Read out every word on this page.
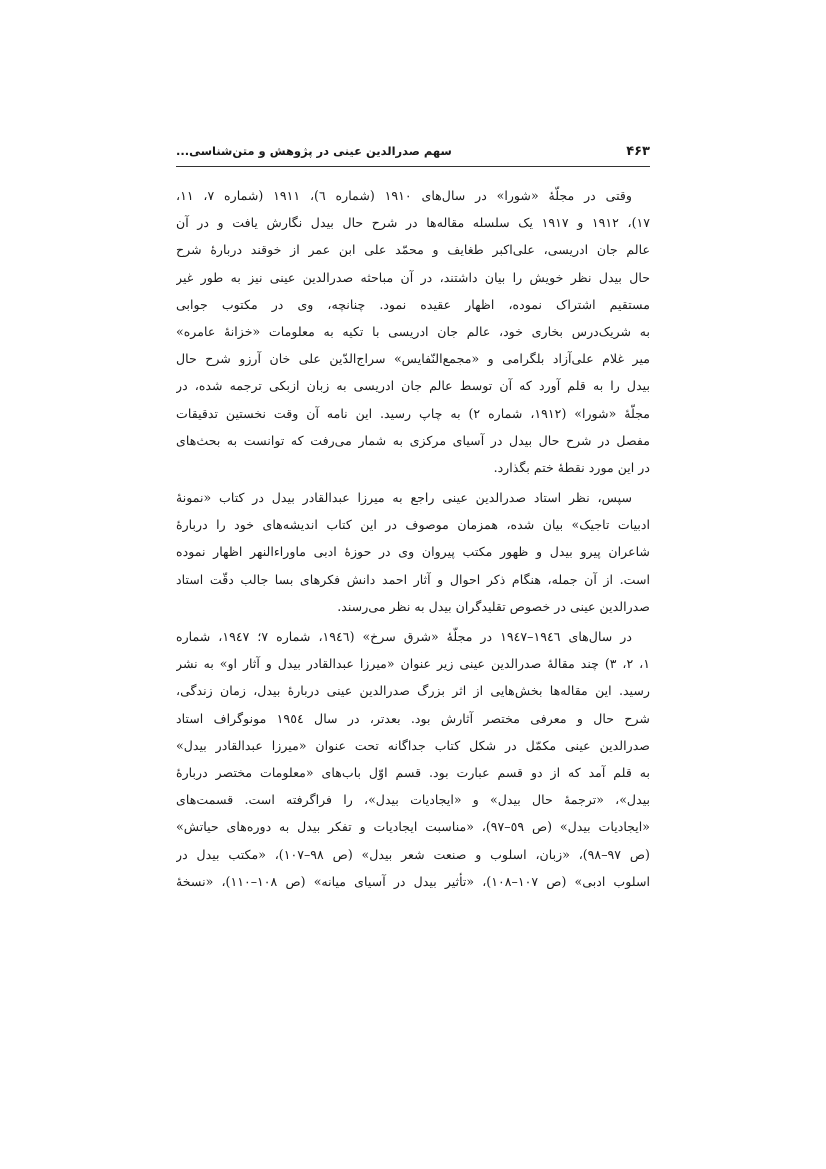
۴۶۳
سهم صدرالدین عینی در پژوهش و متن‌شناسی...
وقتی در مجلّۀ «شورا» در سال‌های ۱۹۱۰ (شماره ٦)، ۱۹۱۱ (شماره ۷، ۱۱،
۱۷)، ۱۹۱۲ و ۱۹۱۷ یک سلسله مقاله‌ها در شرح حال بیدل نگارش یافت و در آن
عالم جان ادریسی، علی‌اکبر طغایف و محمّد علی ابن عمر از خوقند دربارۀ شرح
حال بیدل نظر خویش را بیان داشتند، در آن مباحثه صدرالدین عینی نیز به طور غیر
مستقیم اشتراک نموده، اظهار عقیده نمود. چنانچه، وی در مکتوب جوابی
به شریک‌درس بخاری خود، عالم جان ادریسی با تکیه به معلومات «خزانۀ عامره»
میر غلام علی‌آزاد بلگرامی و «مجمع‌النّفایس» سراج‌الدّین علی خان آرزو شرح حال
بیدل را به قلم آورد که آن توسط عالم جان ادریسی به زبان ازبکی ترجمه شده، در
مجلّۀ «شورا» (۱۹۱۲، شماره ۲) به چاپ رسید. این نامه آن وقت نخستین تدقیقات
مفصل در شرح حال بیدل در آسیای مرکزی به شمار می‌رفت که توانست به بحث‌های
در این مورد نقطۀ ختم بگذارد.
سپس، نظر استاد صدرالدین عینی راجع به میرزا عبدالقادر بیدل در کتاب «نمونۀ
ادبیات تاجیک» بیان شده، همزمان موصوف در این کتاب اندیشه‌های خود را دربارۀ
شاعران پیرو بیدل و ظهور مکتب پیروان وی در حوزۀ ادبی ماوراءالنهر اظهار نموده
است. از آن جمله، هنگام ذکر احوال و آثار احمد دانش فکرهای بسا جالب دقّت استاد
صدرالدین عینی در خصوص تقلیدگران بیدل به نظر می‌رسند.
در سال‌های ۱۹٤٦–۱۹٤۷ در مجلّۀ «شرق سرخ» (۱۹٤٦، شماره ۷؛ ۱۹٤۷، شماره
۱، ۲، ۳) چند مقالۀ صدرالدین عینی زیر عنوان «میرزا عبدالقادر بیدل و آثار او» به نشر
رسید. این مقاله‌ها بخش‌هایی از اثر بزرگ صدرالدین عینی دربارۀ بیدل، زمان زندگی،
شرح حال و معرفی مختصر آثارش بود. بعدتر، در سال ۱۹٥٤ مونوگراف استاد
صدرالدین عینی مکمّل در شکل کتاب جداگانه تحت عنوان «میرزا عبدالقادر بیدل»
به قلم آمد که از دو قسم عبارت بود. قسم اوّل باب‌های «معلومات مختصر دربارۀ
بیدل»، «ترجمۀ حال بیدل» و «ایجادیات بیدل»، را فراگرفته است. قسمت‌های
«ایجادیات بیدل» (ص ٥۹–۹۷)، «مناسبت ایجادیات و تفکر بیدل به دوره‌های حیاتش»
(ص ۹۷–۹۸)، «زبان، اسلوب و صنعت شعر بیدل» (ص ۹۸–۱۰۷)، «مکتب بیدل در
اسلوب ادبی» (ص ۱۰۷–۱۰۸)، «تأثیر بیدل در آسیای میانه» (ص ۱۰۸–۱۱۰)، «نسخۀ
